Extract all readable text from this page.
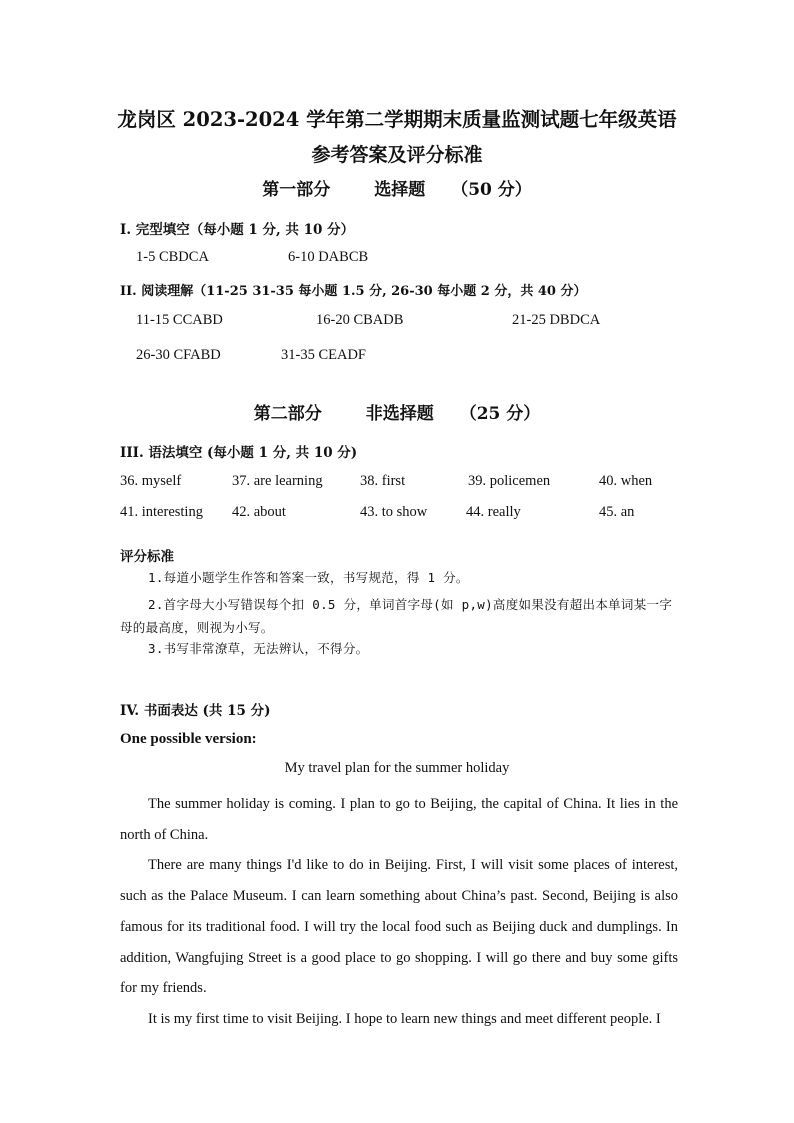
龙岗区 2023-2024 学年第二学期期末质量监测试题七年级英语
参考答案及评分标准
第一部分	选择题 （50 分）
I. 完型填空（每小题 1 分, 共 10 分）
1-5 CBDCA	6-10 DABCB
II. 阅读理解（11-25 31-35 每小题 1.5 分, 26-30 每小题 2 分，共 40 分）
11-15 CCABD	16-20 CBADB	21-25 DBDCA
26-30 CFABD	31-35 CEADF
第二部分	非选择题 （25 分）
III. 语法填空 (每小题 1 分, 共 10 分)
36. myself	37. are learning	38. first	39. policemen	40. when
41. interesting 42. about	43. to show	44. really	45. an
评分标准
1.每道小题学生作答和答案一致，书写规范，得 1 分。
2.首字母大小写错误每个扣 0.5 分，单词首字母(如 p,w)高度如果没有超出本单词某一字母的最高度，则视为小写。
3.书写非常潦草，无法辨认，不得分。
IV. 书面表达 (共 15 分)
One possible version:
My travel plan for the summer holiday

The summer holiday is coming. I plan to go to Beijing, the capital of China. It lies in the north of China.

There are many things I'd like to do in Beijing. First, I will visit some places of interest, such as the Palace Museum. I can learn something about China’s past. Second, Beijing is also famous for its traditional food. I will try the local food such as Beijing duck and dumplings. In addition, Wangfujing Street is a good place to go shopping. I will go there and buy some gifts for my friends.

It is my first time to visit Beijing. I hope to learn new things and meet different people. I
